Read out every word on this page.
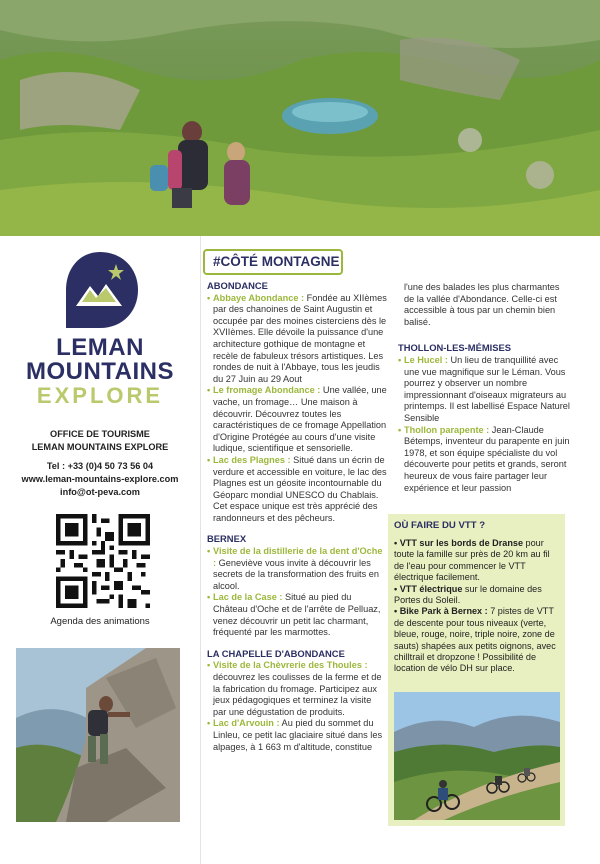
LEMAN
MOUNTAINS
EXPLORE
OFFICE DE TOURISME
LEMAN MOUNTAINS EXPLORE
Tel : +33 (0)4 50 73 56 04
www.leman-mountains-explore.com
info@ot-peva.com
Agenda des animations
#CÔTÉ MONTAGNE
ABONDANCE
• Abbaye Abondance : Fondée au XIIèmes par des chanoines de Saint Augustin et occupée par des moines cisterciens dès le XVIIèmes. Elle dévoile la puissance d'une architecture gothique de montagne et recèle de fabuleux trésors artistiques. Les rondes de nuit à l'Abbaye, tous les jeudis du 27 Juin au 29 Aout
• Le fromage Abondance : Une vallée, une vache, un fromage… Une maison à découvrir. Découvrez toutes les caractéristiques de ce fromage Appellation d'Origine Protégée au cours d'une visite ludique, scientifique et sensorielle.
• Lac des Plagnes : Situé dans un écrin de verdure et accessible en voiture, le lac des Plagnes est un géosite incontournable du Géoparc mondial UNESCO du Chablais. Cet espace unique est très apprécié des randonneurs et des pêcheurs.
BERNEX
• Visite de la distillerie de la dent d'Oche : Geneviève vous invite à découvrir les secrets de la transformation des fruits en alcool.
• Lac de la Case : Situé au pied du Château d'Oche et de l'arrête de Pelluaz, venez découvrir un petit lac charmant, fréquenté par les marmottes.
LA CHAPELLE D'ABONDANCE
• Visite de la Chèvrerie des Thoules : découvrez les coulisses de la ferme et de la fabrication du fromage. Participez aux jeux pédagogiques et terminez la visite par une dégustation de produits.
• Lac d'Arvouin : Au pied du sommet du Linleu, ce petit lac glaciaire situé dans les alpages, à 1 663 m d'altitude, constitue
l'une des balades les plus charmantes de la vallée d'Abondance. Celle-ci est accessible à tous par un chemin bien balisé.
THOLLON-LES-MÉMISES
• Le Hucel : Un lieu de tranquillité avec une vue magnifique sur le Léman. Vous pourrez y observer un nombre impressionnant d'oiseaux migrateurs au printemps. Il est labellisé Espace Naturel Sensible
• Thollon parapente : Jean-Claude Bétemps, inventeur du parapente en juin 1978, et son équipe spécialiste du vol découverte pour petits et grands, seront heureux de vous faire partager leur expérience et leur passion
OÙ FAIRE DU VTT ?

• VTT sur les bords de Dranse pour toute la famille sur près de 20 km au fil de l'eau pour commencer le VTT électrique facilement.

• VTT électrique sur le domaine des Portes du Soleil.

• Bike Park à Bernex : 7 pistes de VTT de descente pour tous niveaux (verte, bleue, rouge, noire, triple noire, zone de sauts) shapées aux petits oignons, avec chilltrail et dropzone ! Possibilité de location de vélo DH sur place.
